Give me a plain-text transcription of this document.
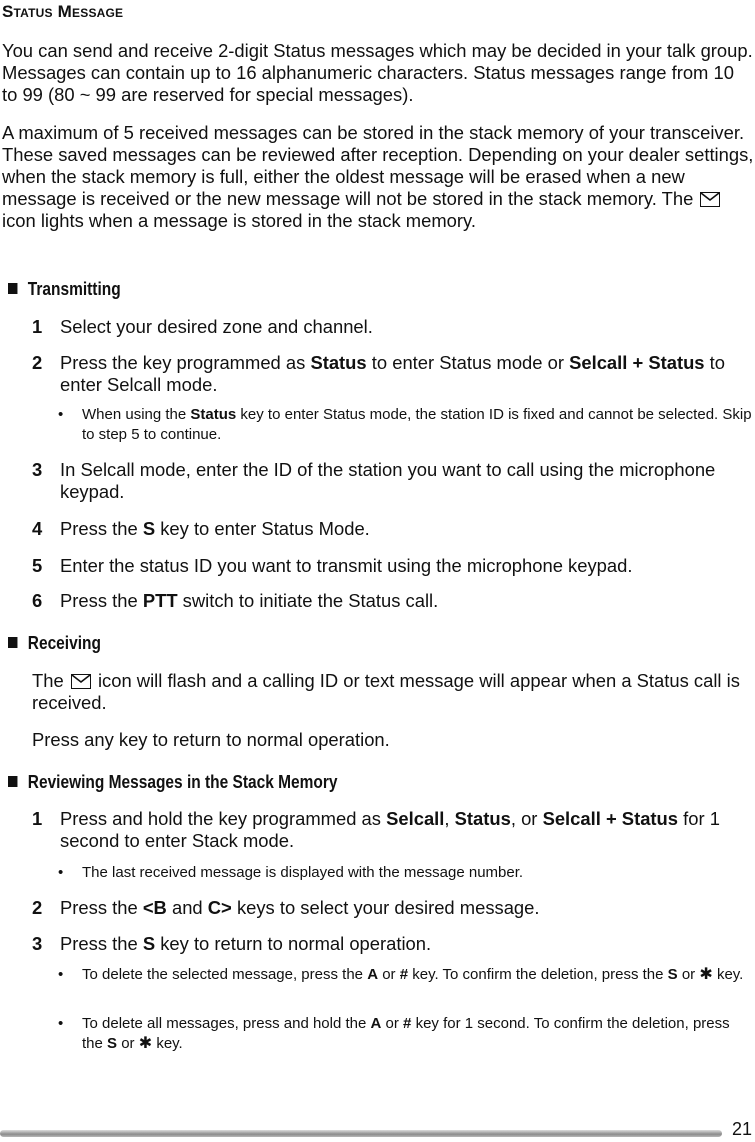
Status Message

You can send and receive 2-digit Status messages which may be decided in your talk group. Messages can contain up to 16 alphanumeric characters. Status messages range from 10 to 99 (80 ~ 99 are reserved for special messages).

A maximum of 5 received messages can be stored in the stack memory of your transceiver. These saved messages can be reviewed after reception. Depending on your dealer settings, when the stack memory is full, either the oldest message will be erased when a new message is received or the new message will not be stored in the stack memory. The
icon lights when a message is stored in the stack memory.

Transmitting
1 Select your desired zone and channel.
2 Press the key programmed as Status to enter Status mode or Selcall + Status to enter Selcall mode.
• When using the Status key to enter Status mode, the station ID is fixed and cannot be selected. Skip to step 5 to continue.
3 In Selcall mode, enter the ID of the station you want to call using the microphone keypad.
4 Press the S key to enter Status Mode.
5 Enter the status ID you want to transmit using the microphone keypad.
6 Press the PTT switch to initiate the Status call.
Receiving

The icon will flash and a calling ID or text message will appear when a Status call is received.

Press any key to return to normal operation.

Reviewing Messages in the Stack Memory
1 Press and hold the key programmed as Selcall, Status, or Selcall + Status for 1 second to enter Stack mode.
• The last received message is displayed with the message number.
2 Press the <B and C> keys to select your desired message.
3 Press the S key to return to normal operation.
• To delete the selected message, press the A or # key. To confirm the deletion, press the S or ✱ key.
• To delete all messages, press and hold the A or # key for 1 second. To confirm the deletion, press the S or ✱ key.
21
